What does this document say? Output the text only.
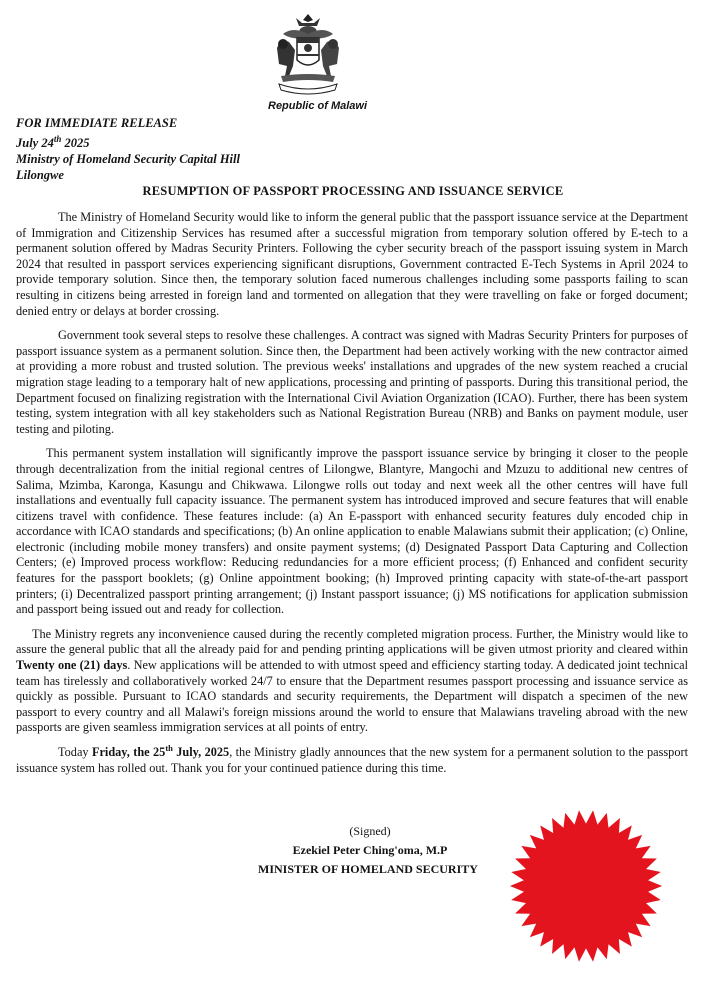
Republic of Malawi
FOR IMMEDIATE RELEASE
July 24th 2025
Ministry of Homeland Security Capital Hill
Lilongwe
RESUMPTION OF PASSPORT PROCESSING AND ISSUANCE SERVICE

The Ministry of Homeland Security would like to inform the general public that the passport issuance service at the Department of Immigration and Citizenship Services has resumed after a successful migration from temporary solution offered by E-tech to a permanent solution offered by Madras Security Printers. Following the cyber security breach of the passport issuing system in March 2024 that resulted in passport services experiencing significant disruptions, Government contracted E-Tech Systems in April 2024 to provide temporary solution. Since then, the temporary solution faced numerous challenges including some passports failing to scan resulting in citizens being arrested in foreign land and tormented on allegation that they were travelling on fake or forged document; denied entry or delays at border crossing.

Government took several steps to resolve these challenges. A contract was signed with Madras Security Printers for purposes of passport issuance system as a permanent solution. Since then, the Department had been actively working with the new contractor aimed at providing a more robust and trusted solution. The previous weeks' installations and upgrades of the new system reached a crucial migration stage leading to a temporary halt of new applications, processing and printing of passports. During this transitional period, the Department focused on finalizing registration with the International Civil Aviation Organization (ICAO). Further, there has been system testing, system integration with all key stakeholders such as National Registration Bureau (NRB) and Banks on payment module, user testing and piloting.

This permanent system installation will significantly improve the passport issuance service by bringing it closer to the people through decentralization from the initial regional centres of Lilongwe, Blantyre, Mangochi and Mzuzu to additional new centres of Salima, Mzimba, Karonga, Kasungu and Chikwawa. Lilongwe rolls out today and next week all the other centres will have full installations and eventually full capacity issuance. The permanent system has introduced improved and secure features that will enable citizens travel with confidence. These features include: (a) An E-passport with enhanced security features duly encoded chip in accordance with ICAO standards and specifications; (b) An online application to enable Malawians submit their application; (c) Online, electronic (including mobile money transfers) and onsite payment systems; (d) Designated Passport Data Capturing and Collection Centers; (e) Improved process workflow: Reducing redundancies for a more efficient process; (f) Enhanced and confident security features for the passport booklets; (g) Online appointment booking; (h) Improved printing capacity with state-of-the-art passport printers; (i) Decentralized passport printing arrangement; (j) Instant passport issuance; (j) MS notifications for application submission and passport being issued out and ready for collection.

The Ministry regrets any inconvenience caused during the recently completed migration process. Further, the Ministry would like to assure the general public that all the already paid for and pending printing applications will be given utmost priority and cleared within Twenty one (21) days. New applications will be attended to with utmost speed and efficiency starting today. A dedicated joint technical team has tirelessly and collaboratively worked 24/7 to ensure that the Department resumes passport processing and issuance service as quickly as possible. Pursuant to ICAO standards and security requirements, the Department will dispatch a specimen of the new passport to every country and all Malawi's foreign missions around the world to ensure that Malawians traveling abroad with the new passports are given seamless immigration services at all points of entry.

Today Friday, the 25th July, 2025, the Ministry gladly announces that the new system for a permanent solution to the passport issuance system has rolled out. Thank you for your continued patience during this time.

(Signed)
Ezekiel Peter Ching'oma, M.P
MINISTER OF HOMELAND SECURITY
